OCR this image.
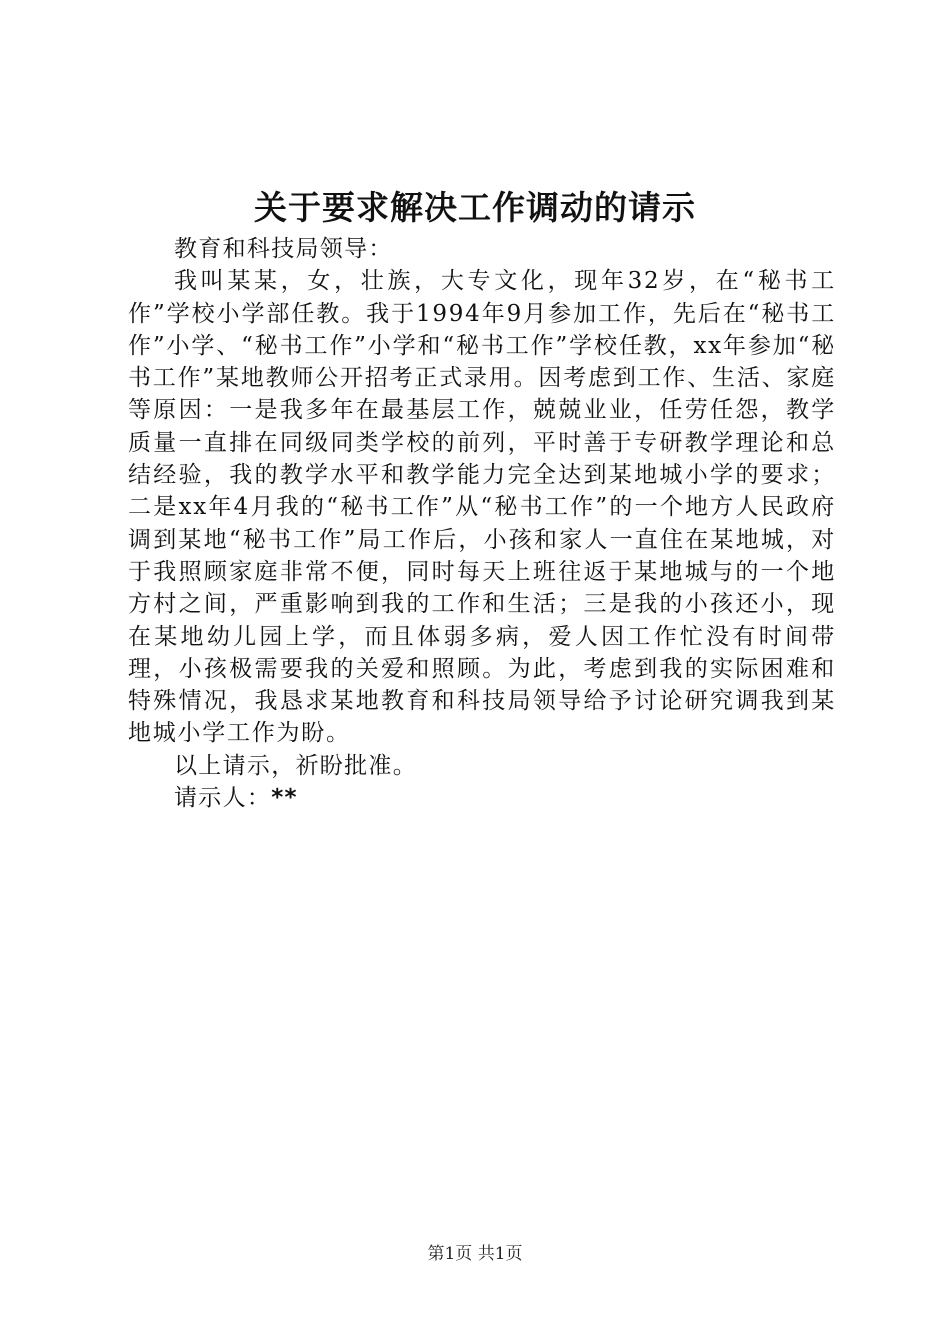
关于要求解决工作调动的请示

教育和科技局领导：

我叫某某，女，壮族，大专文化，现年32岁，在“秘书工作”学校小学部任教。我于1994年9月参加工作，先后在“秘书工作”小学、“秘书工作”小学和“秘书工作”学校任教，xx年参加“秘书工作”某地教师公开招考正式录用。因考虑到工作、生活、家庭等原因：一是我多年在最基层工作，兢兢业业，任劳任怨，教学质量一直排在同级同类学校的前列，平时善于专研教学理论和总结经验，我的教学水平和教学能力完全达到某地城小学的要求；二是xx年4月我的“秘书工作”从“秘书工作”的一个地方人民政府调到某地“秘书工作”局工作后，小孩和家人一直住在某地城，对于我照顾家庭非常不便，同时每天上班往返于某地城与的一个地方村之间，严重影响到我的工作和生活；三是我的小孩还小，现在某地幼儿园上学，而且体弱多病，爱人因工作忙没有时间带理，小孩极需要我的关爱和照顾。为此，考虑到我的实际困难和特殊情况，我恳求某地教育和科技局领导给予讨论研究调我到某地城小学工作为盼。

以上请示，祈盼批准。

请示人：**

第1页 共1页
